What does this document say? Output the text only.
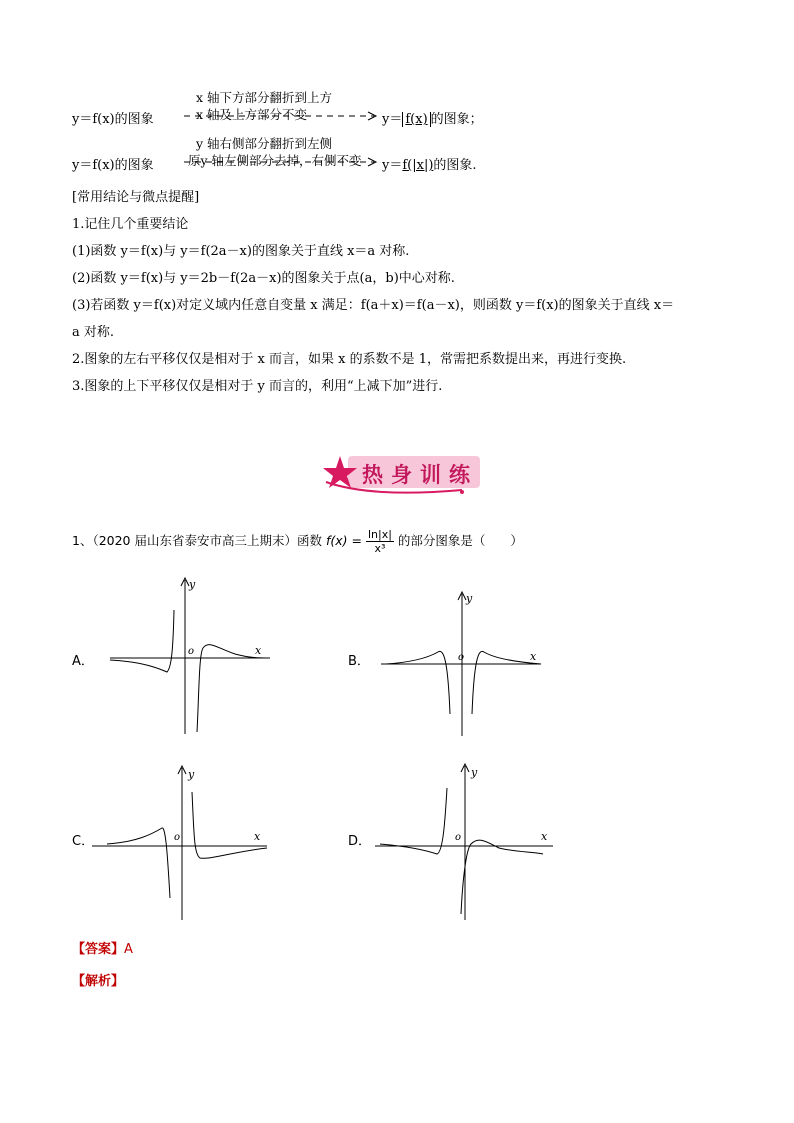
y＝f(x)的图象
x 轴下方部分翻折到上方
x 轴及上方部分不变	y＝ f(x) 的图象；
y＝f(x)的图象
y 轴右侧部分翻折到左侧
原y 轴左侧部分去掉，右侧不变 y＝f(|x|)的图象.
[常用结论与微点提醒]
1.记住几个重要结论
(1)函数 y＝f(x)与 y＝f(2a－x)的图象关于直线 x＝a 对称.
(2)函数 y＝f(x)与 y＝2b－f(2a－x)的图象关于点(a，b)中心对称.
(3)若函数 y＝f(x)对定义域内任意自变量 x 满足：f(a＋x)＝f(a－x)，则函数 y＝f(x)的图象关于直线 x＝
a 对称.
2.图象的左右平移仅仅是相对于 x 而言，如果 x 的系数不是 1，常需把系数提出来，再进行变换.
3.图象的上下平移仅仅是相对于 y 而言的，利用“上减下加”进行.
热身训练
1、（2020 届山东省泰安市高三上期末）函数 $f(x) = \frac{\ln|x|}{\text{x³}}$ 的部分图象是（　　）
A．	B．
C．	D．
y
x
o
y
x
o
y
x
o
y
x
o
【答案】A
【解析】
